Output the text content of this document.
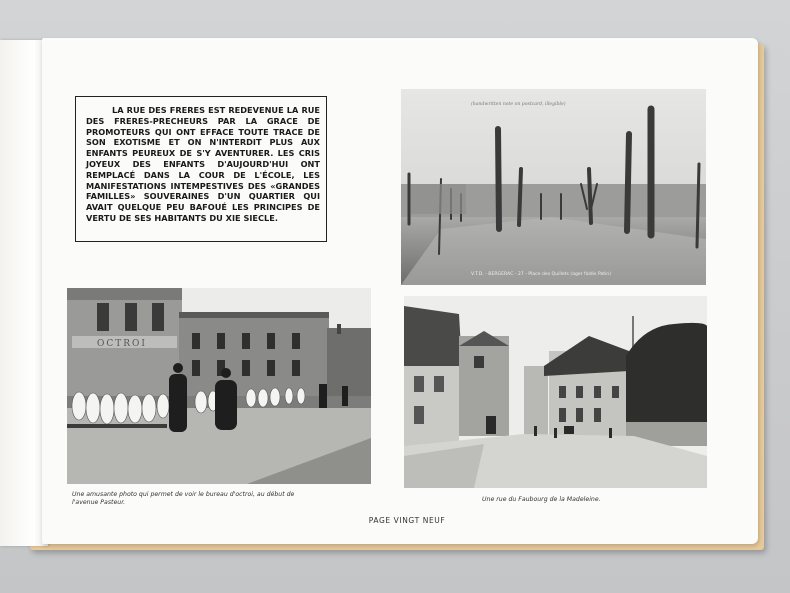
LA RUE DES FRERES EST REDEVENUE LA RUE DES FRERES-PRECHEURS PAR LA GRACE DE PROMOTEURS QUI ONT EFFACE TOUTE TRACE DE SON EXOTISME ET ON N'INTERDIT PLUS AUX ENFANTS PEUREUX DE S'Y AVENTURER. LES CRIS JOYEUX DES ENFANTS D'AUJOURD'HUI ONT REMPLACÉ DANS LA COUR DE L'ÉCOLE, LES MANIFESTATIONS INTEMPESTIVES DES «GRANDES FAMILLES» SOUVERAINES D'UN QUARTIER QUI AVAIT QUELQUE PEU BAFOUÉ LES PRINCIPES DE VERTU DE SES HABITANTS DU XIE SIECLE.

(handwritten note on postcard, illegible)
V.T.D. - BERGERAC - 27 - Place des Quillets (ager faldis Patin)
OCTROI
Une amusante photo qui permet de voir le bureau d'octroi, au début de l'avenue Pasteur.	Une rue du Faubourg de la Madeleine.
PAGE VINGT NEUF
